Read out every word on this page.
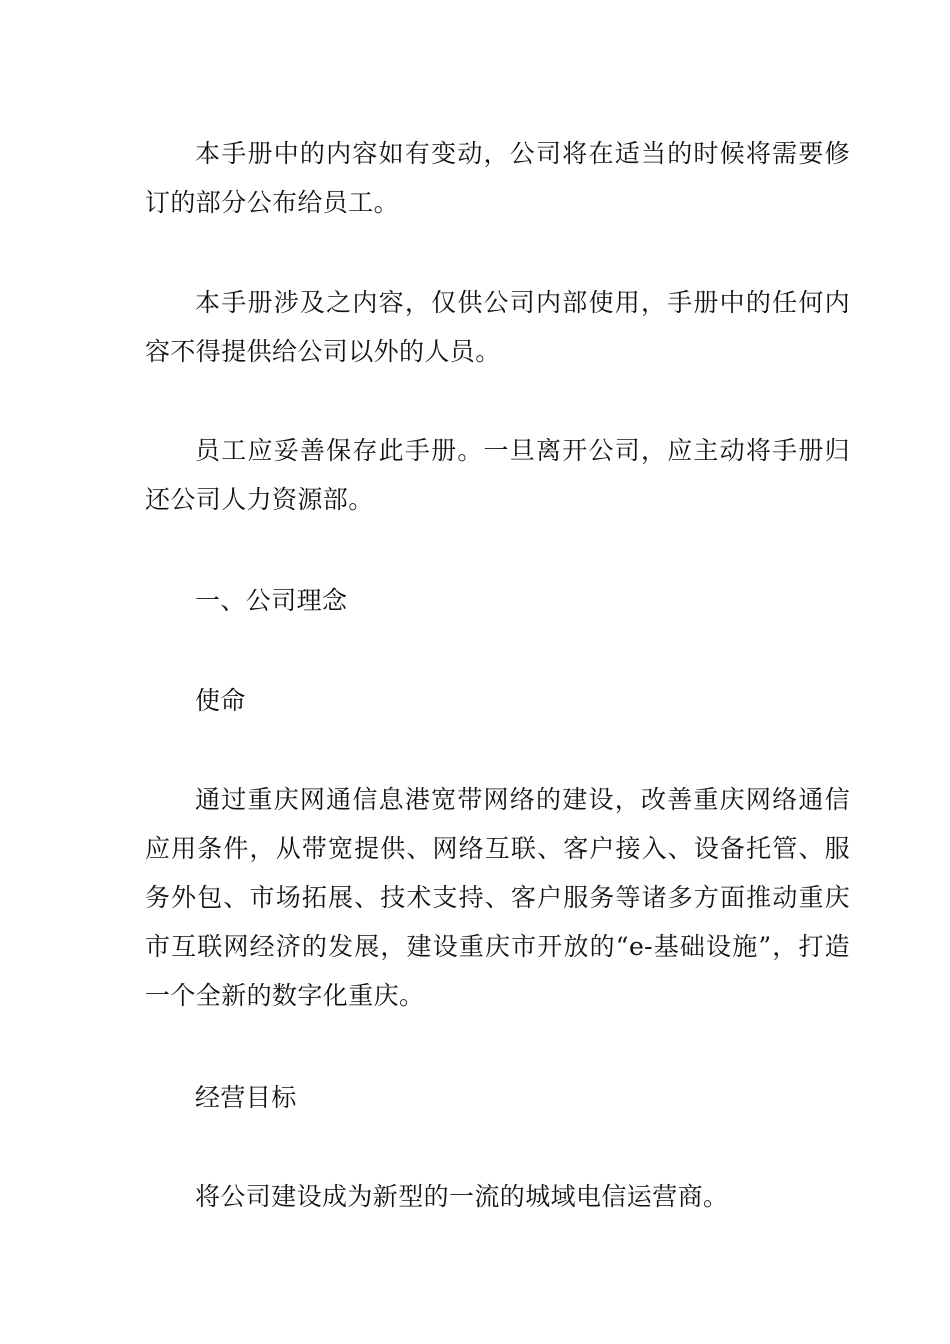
本手册中的内容如有变动，公司将在适当的时候将需要修订的部分公布给员工。

本手册涉及之内容，仅供公司内部使用，手册中的任何内容不得提供给公司以外的人员。

员工应妥善保存此手册。一旦离开公司，应主动将手册归还公司人力资源部。

一、公司理念

使命

通过重庆网通信息港宽带网络的建设，改善重庆网络通信应用条件，从带宽提供、网络互联、客户接入、设备托管、服务外包、市场拓展、技术支持、客户服务等诸多方面推动重庆市互联网经济的发展，建设重庆市开放的“e-基础设施”，打造一个全新的数字化重庆。

经营目标

将公司建设成为新型的一流的城域电信运营商。
